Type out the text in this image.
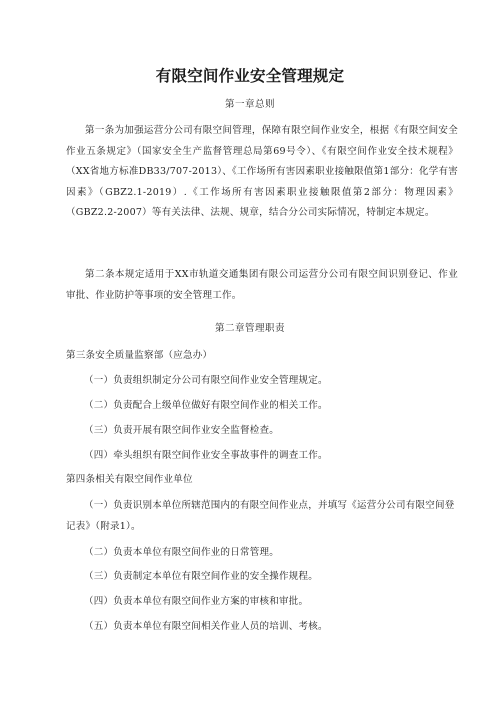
有限空间作业安全管理规定
第一章总则
第一条为加强运营分公司有限空间管理，保障有限空间作业安全，根据《有限空间安全作业五条规定》（国家安全生产监督管理总局第69号令）、《有限空间作业安全技术规程》（XX省地方标准DB33/707-2013）、《工作场所有害因素职业接触限值第1部分：化学有害因素》（GBZ2.1-2019）.《工作场所有害因素职业接触限值第2部分：物理因素》（GBZ2.2-2007）等有关法律、法规、规章，结合分公司实际情况，特制定本规定。
第二条本规定适用于XX市轨道交通集团有限公司运营分公司有限空间识别登记、作业审批、作业防护等事项的安全管理工作。
第二章管理职责
第三条安全质量监察部（应急办）
（一）负责组织制定分公司有限空间作业安全管理规定。
（二）负责配合上级单位做好有限空间作业的相关工作。
（三）负责开展有限空间作业安全监督检查。
（四）牵头组织有限空间作业安全事故事件的调查工作。
第四条相关有限空间作业单位
（一）负责识别本单位所辖范围内的有限空间作业点，并填写《运营分公司有限空间登记表》（附录1）。
（二）负责本单位有限空间作业的日常管理。
（三）负责制定本单位有限空间作业的安全操作规程。
（四）负责本单位有限空间作业方案的审核和审批。
（五）负责本单位有限空间相关作业人员的培训、考核。
